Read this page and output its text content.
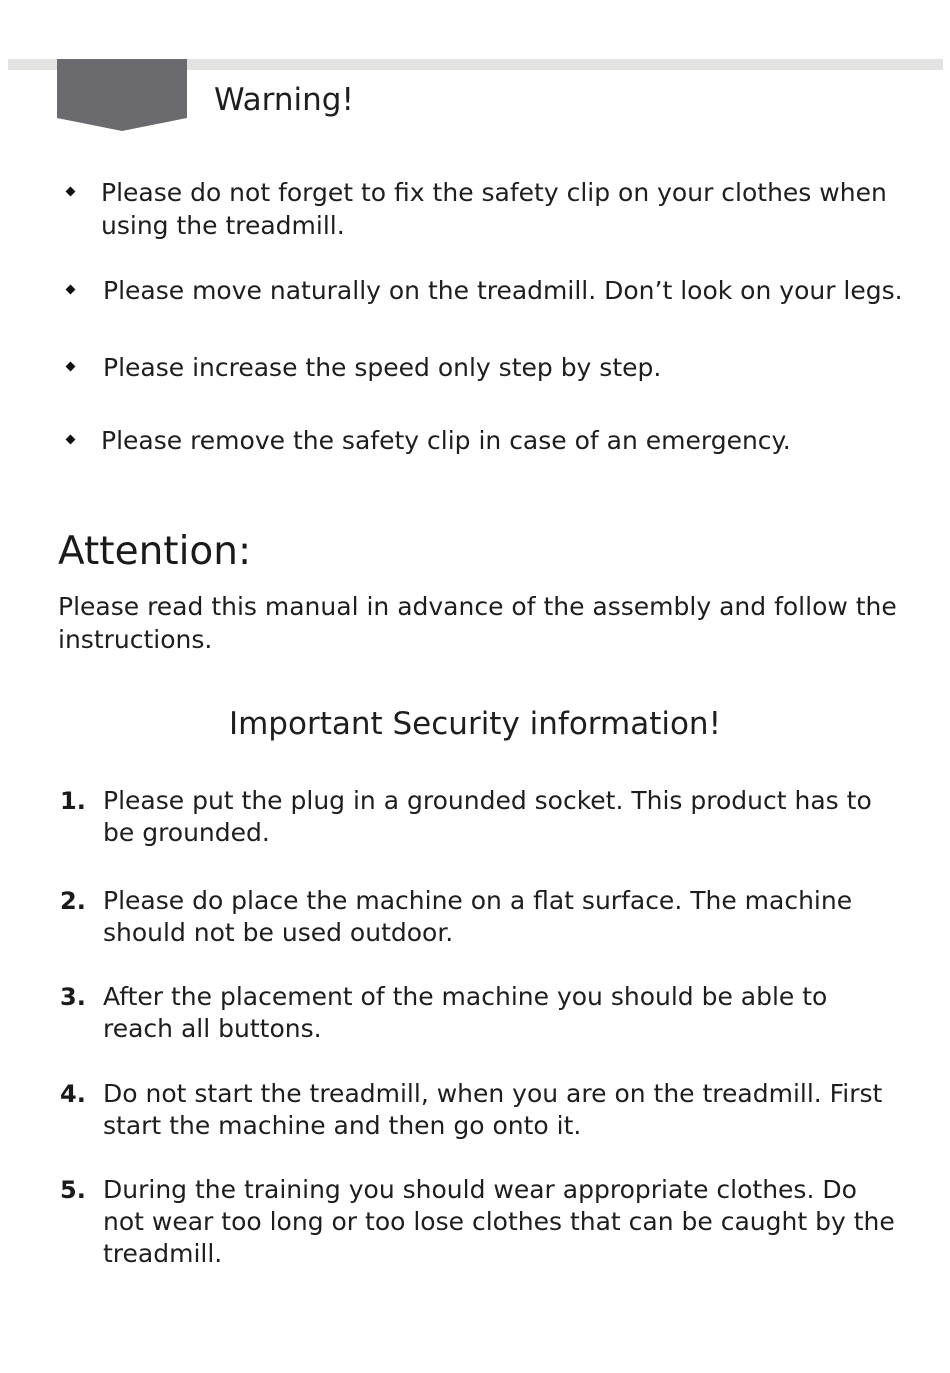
Warning!
Please do not forget to fix the safety clip on your clothes when using the treadmill.
Please move naturally on the treadmill. Don’t look on your legs.
Please increase the speed only step by step.
Please remove the safety clip in case of an emergency.
Attention:
Please read this manual in advance of the assembly and follow the instructions.
Important Security information!
1. Please put the plug in a grounded socket. This product has to be grounded.
2. Please do place the machine on a flat surface. The machine should not be used outdoor.
3. After the placement of the machine you should be able to reach all buttons.
4. Do not start the treadmill, when you are on the treadmill. First start the machine and then go onto it.
5. During the training you should wear appropriate clothes. Do not wear too long or too lose clothes that can be caught by the treadmill.
